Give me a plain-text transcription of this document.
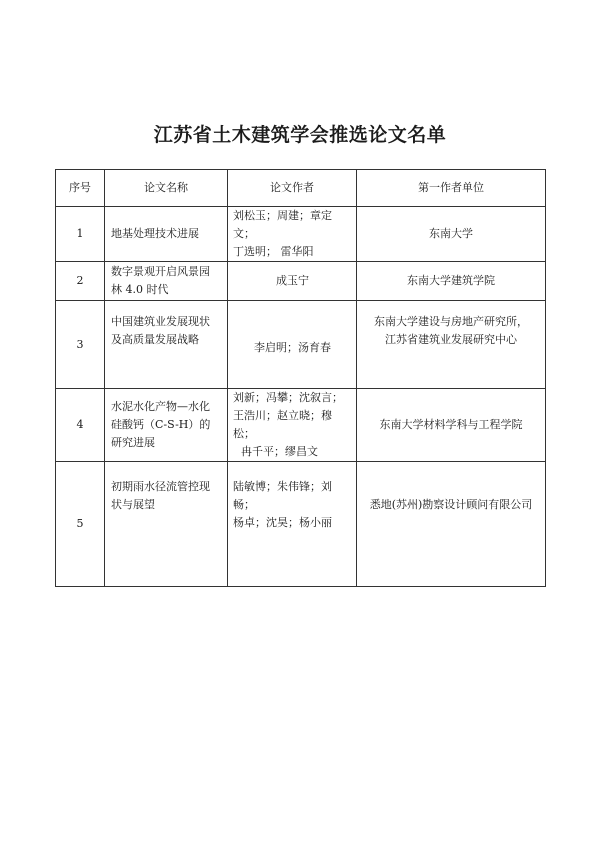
江苏省土木建筑学会推选论文名单
序号	论文名称	论文作者	第一作者单位
1	地基处理技术进展	刘松玉；周建；章定文；
丁选明； 雷华阳	东南大学

2	数字景观开启风景园
林 4.0 时代	成玉宁	东南大学建筑学院

3	中国建筑业发展现状
及高质量发展战略	李启明；汤育春	东南大学建设与房地产研究所，
江苏省建筑业发展研究中心

4	水泥水化产物—水化
硅酸钙（C-S-H）的
研究进展	刘新；冯攀；沈叙言；
王浩川；赵立晓；穆松；
冉千平；缪昌文	东南大学材料学科与工程学院

5	初期雨水径流管控现
状与展望	陆敏博；朱伟锋；刘畅；
杨卓；沈昊；杨小丽	悉地(苏州)勘察设计顾问有限公司
